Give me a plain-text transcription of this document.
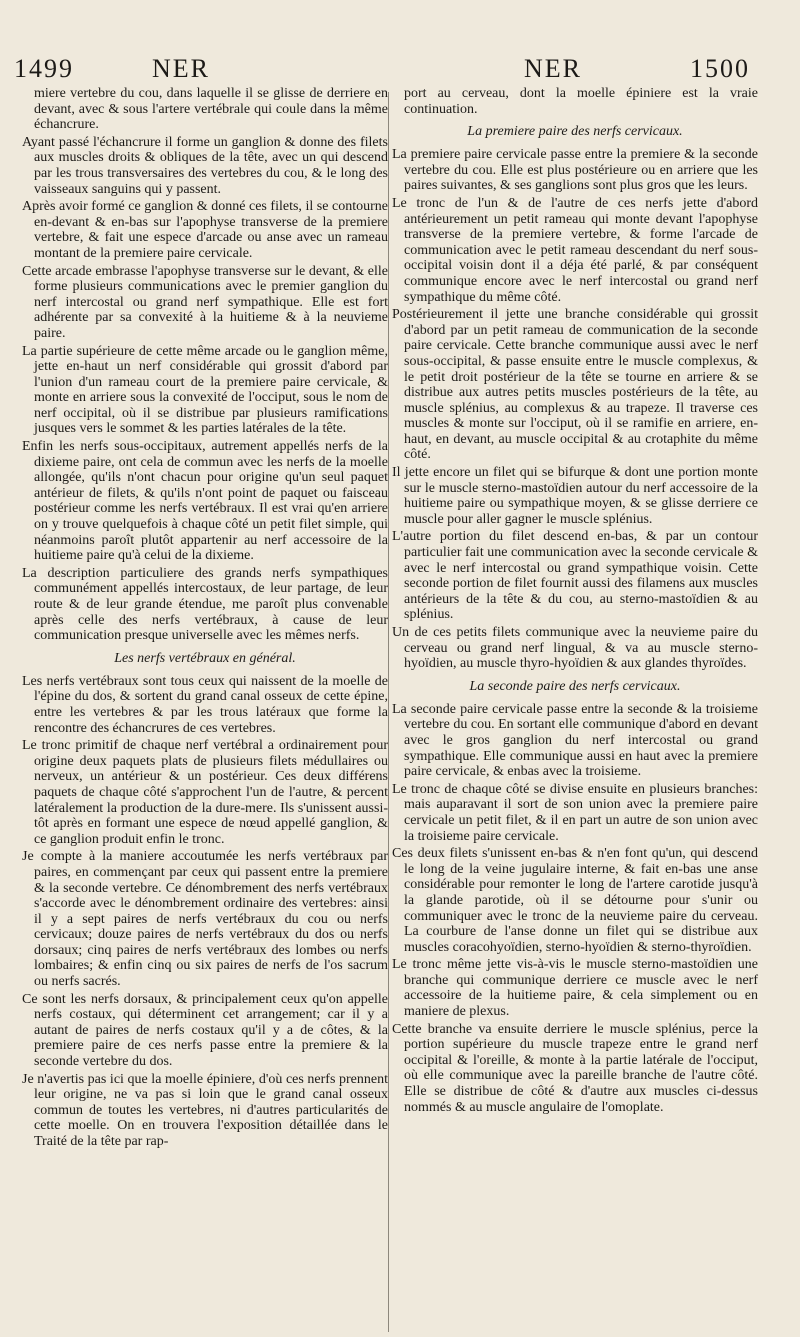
1499	NER	NER	1500

miere vertebre du cou, dans laquelle il se glisse de derriere en devant, avec & sous l'artere vertébrale qui coule dans la même échancrure.

Ayant passé l'échancrure il forme un ganglion & donne des filets aux muscles droits & obliques de la tête, avec un qui descend par les trous transversaires des vertebres du cou, & le long des vaisseaux sanguins qui y passent.

Après avoir formé ce ganglion & donné ces filets, il se contourne en-devant & en-bas sur l'apophyse transverse de la premiere vertebre, & fait une espece d'arcade ou anse avec un rameau montant de la premiere paire cervicale.

Cette arcade embrasse l'apophyse transverse sur le devant, & elle forme plusieurs communications avec le premier ganglion du nerf intercostal ou grand nerf sympathique. Elle est fort adhérente par sa convexité à la huitieme & à la neuvieme paire.

La partie supérieure de cette même arcade ou le ganglion même, jette en-haut un nerf considérable qui grossit d'abord par l'union d'un rameau court de la premiere paire cervicale, & monte en arriere sous la convexité de l'occiput, sous le nom de nerf occipital, où il se distribue par plusieurs ramifications jusques vers le sommet & les parties latérales de la tête.

Enfin les nerfs sous-occipitaux, autrement appellés nerfs de la dixieme paire, ont cela de commun avec les nerfs de la moelle allongée, qu'ils n'ont chacun pour origine qu'un seul paquet antérieur de filets, & qu'ils n'ont point de paquet ou faisceau postérieur comme les nerfs vertébraux. Il est vrai qu'en arriere on y trouve quelquefois à chaque côté un petit filet simple, qui néanmoins paroît plutôt appartenir au nerf accessoire de la huitieme paire qu'à celui de la dixieme.

La description particuliere des grands nerfs sympathiques communément appellés intercostaux, de leur partage, de leur route & de leur grande étendue, me paroît plus convenable après celle des nerfs vertébraux, à cause de leur communication presque universelle avec les mêmes nerfs.

Les nerfs vertébraux en général.

Les nerfs vertébraux sont tous ceux qui naissent de la moelle de l'épine du dos, & sortent du grand canal osseux de cette épine, entre les vertebres & par les trous latéraux que forme la rencontre des échancrures de ces vertebres.

Le tronc primitif de chaque nerf vertébral a ordinairement pour origine deux paquets plats de plusieurs filets médullaires ou nerveux, un antérieur & un postérieur. Ces deux différens paquets de chaque côté s'approchent l'un de l'autre, & percent latéralement la production de la dure-mere. Ils s'unissent aussi-tôt après en formant une espece de nœud appellé ganglion, & ce ganglion produit enfin le tronc.

Je compte à la maniere accoutumée les nerfs vertébraux par paires, en commençant par ceux qui passent entre la premiere & la seconde vertebre. Ce dénombrement des nerfs vertébraux s'accorde avec le dénombrement ordinaire des vertebres: ainsi il y a sept paires de nerfs vertébraux du cou ou nerfs cervicaux; douze paires de nerfs vertébraux du dos ou nerfs dorsaux; cinq paires de nerfs vertébraux des lombes ou nerfs lombaires; & enfin cinq ou six paires de nerfs de l'os sacrum ou nerfs sacrés.

Ce sont les nerfs dorsaux, & principalement ceux qu'on appelle nerfs costaux, qui déterminent cet arrangement; car il y a autant de paires de nerfs costaux qu'il y a de côtes, & la premiere paire de ces nerfs passe entre la premiere & la seconde vertebre du dos.

Je n'avertis pas ici que la moelle épiniere, d'où ces nerfs prennent leur origine, ne va pas si loin que le grand canal osseux commun de toutes les vertebres, ni d'autres particularités de cette moelle. On en trouvera l'exposition détaillée dans le Traité de la tête par rap-

port au cerveau, dont la moelle épiniere est la vraie continuation.

La premiere paire des nerfs cervicaux.

La premiere paire cervicale passe entre la premiere & la seconde vertebre du cou. Elle est plus postérieure ou en arriere que les paires suivantes, & ses ganglions sont plus gros que les leurs.

Le tronc de l'un & de l'autre de ces nerfs jette d'abord antérieurement un petit rameau qui monte devant l'apophyse transverse de la premiere vertebre, & forme l'arcade de communication avec le petit rameau descendant du nerf sous-occipital voisin dont il a déja été parlé, & par conséquent communique encore avec le nerf intercostal ou grand nerf sympathique du même côté.

Postérieurement il jette une branche considérable qui grossit d'abord par un petit rameau de communication de la seconde paire cervicale. Cette branche communique aussi avec le nerf sous-occipital, & passe ensuite entre le muscle complexus, & le petit droit postérieur de la tête se tourne en arriere & se distribue aux autres petits muscles postérieurs de la tête, au muscle splénius, au complexus & au trapeze. Il traverse ces muscles & monte sur l'occiput, où il se ramifie en arriere, en-haut, en devant, au muscle occipital & au crotaphite du même côté.

Il jette encore un filet qui se bifurque & dont une portion monte sur le muscle sterno-mastoïdien autour du nerf accessoire de la huitieme paire ou sympathique moyen, & se glisse derriere ce muscle pour aller gagner le muscle splénius.

L'autre portion du filet descend en-bas, & par un contour particulier fait une communication avec la seconde cervicale & avec le nerf intercostal ou grand sympathique voisin. Cette seconde portion de filet fournit aussi des filamens aux muscles antérieurs de la tête & du cou, au sterno-mastoïdien & au splénius.

Un de ces petits filets communique avec la neuvieme paire du cerveau ou grand nerf lingual, & va au muscle sterno-hyoïdien, au muscle thyro-hyoïdien & aux glandes thyroïdes.

La seconde paire des nerfs cervicaux.

La seconde paire cervicale passe entre la seconde & la troisieme vertebre du cou. En sortant elle communique d'abord en devant avec le gros ganglion du nerf intercostal ou grand sympathique. Elle communique aussi en haut avec la premiere paire cervicale, & enbas avec la troisieme.

Le tronc de chaque côté se divise ensuite en plusieurs branches: mais auparavant il sort de son union avec la premiere paire cervicale un petit filet, & il en part un autre de son union avec la troisieme paire cervicale.

Ces deux filets s'unissent en-bas & n'en font qu'un, qui descend le long de la veine jugulaire interne, & fait en-bas une anse considérable pour remonter le long de l'artere carotide jusqu'à la glande parotide, où il se détourne pour s'unir ou communiquer avec le tronc de la neuvieme paire du cerveau. La courbure de l'anse donne un filet qui se distribue aux muscles coracohyoïdien, sterno-hyoïdien & sterno-thyroïdien.

Le tronc même jette vis-à-vis le muscle sterno-mastoïdien une branche qui communique derriere ce muscle avec le nerf accessoire de la huitieme paire, & cela simplement ou en maniere de plexus.

Cette branche va ensuite derriere le muscle splénius, perce la portion supérieure du muscle trapeze entre le grand nerf occipital & l'oreille, & monte à la partie latérale de l'occiput, où elle communique avec la pareille branche de l'autre côté. Elle se distribue de côté & d'autre aux muscles ci-dessus nommés & au muscle angulaire de l'omoplate.
